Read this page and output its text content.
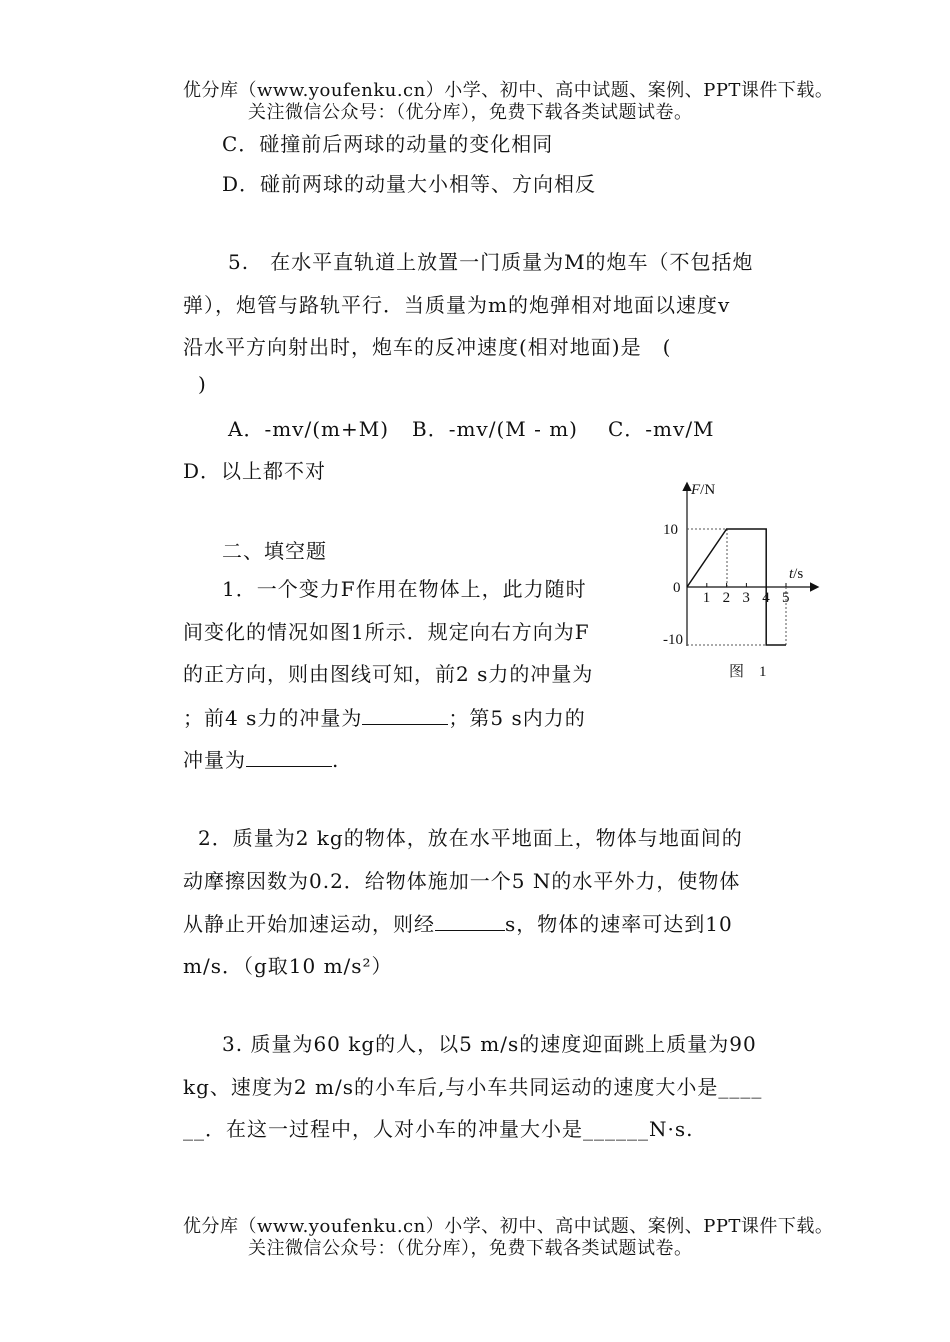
优分库（www.youfenku.cn）小学、初中、高中试题、案例、PPT课件下载。
关注微信公众号：（优分库），免费下载各类试题试卷。
C．碰撞前后两球的动量的变化相同
D．碰前两球的动量大小相等、方向相反
5.　在水平直轨道上放置一门质量为M的炮车（不包括炮
弹），炮管与路轨平行．当质量为m的炮弹相对地面以速度v
沿水平方向射出时，炮车的反冲速度(相对地面)是　(
)
A．-mv/(m+M) B．-mv/(M - m) C．-mv/M
D．以上都不对
二、填空题
1．一个变力F作用在物体上，此力随时
间变化的情况如图1所示．规定向右方向为F
的正方向，则由图线可知，前2 s力的冲量为
；前4 s力的冲量为	；第5 s内力的
冲量为	.
F/N
t/s
10
-10
0
1 2 3 4 5
图　1
2．质量为2 kg的物体，放在水平地面上，物体与地面间的
动摩擦因数为0.2．给物体施加一个5 N的水平外力，使物体
从静止开始加速运动，则经	s，物体的速率可达到10
m/s．（g取10 m/s²）
3. 质量为60 kg的人，以5 m/s的速度迎面跳上质量为90
kg、速度为2 m/s的小车后,与小车共同运动的速度大小是____
__．在这一过程中，人对小车的冲量大小是______N·s.
优分库（www.youfenku.cn）小学、初中、高中试题、案例、PPT课件下载。
关注微信公众号：（优分库），免费下载各类试题试卷。
